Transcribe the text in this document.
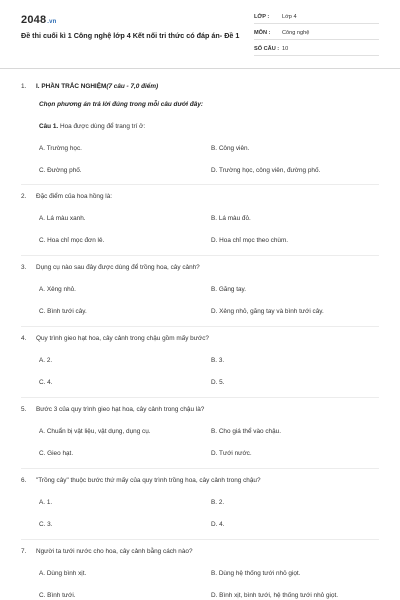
2048.vn
Đề thi cuối kì 1 Công nghệ lớp 4 Kết nối tri thức có đáp án- Đề 1
LỚP : Lớp 4
MÔN : Công nghệ
SỐ CÂU : 10
1. I. PHẦN TRẮC NGHIỆM(7 câu - 7,0 điểm)
Chọn phương án trả lời đúng trong mỗi câu dưới đây:
Câu 1. Hoa được dùng để trang trí ở:
A. Trường học.	B. Công viên.
C. Đường phố.	D. Trường học, công viên, đường phố.
2. Đặc điểm của hoa hồng là:
A. Lá màu xanh.	B. Lá màu đỏ.
C. Hoa chỉ mọc đơn lẻ.	D. Hoa chỉ mọc theo chùm.
3. Dụng cụ nào sau đây được dùng để trồng hoa, cây cảnh?
A. Xẻng nhỏ.	B. Găng tay.
C. Bình tưới cây.	D. Xẻng nhỏ, găng tay và bình tưới cây.
4. Quy trình gieo hạt hoa, cây cảnh trong chậu gồm mấy bước?
A. 2.	B. 3.
C. 4.	D. 5.
5. Bước 3 của quy trình gieo hạt hoa, cây cảnh trong chậu là?
A. Chuẩn bị vật liệu, vật dụng, dụng cụ.	B. Cho giá thể vào chậu.
C. Gieo hạt.	D. Tưới nước.
6. "Trồng cây" thuộc bước thứ mấy của quy trình trồng hoa, cây cảnh trong chậu?
A. 1.	B. 2.
C. 3.	D. 4.
7. Người ta tưới nước cho hoa, cây cảnh bằng cách nào?
A. Dùng bình xịt.	B. Dùng hệ thống tưới nhỏ giọt.
C. Bình tưới.	D. Bình xịt, bình tưới, hệ thống tưới nhỏ giọt.
